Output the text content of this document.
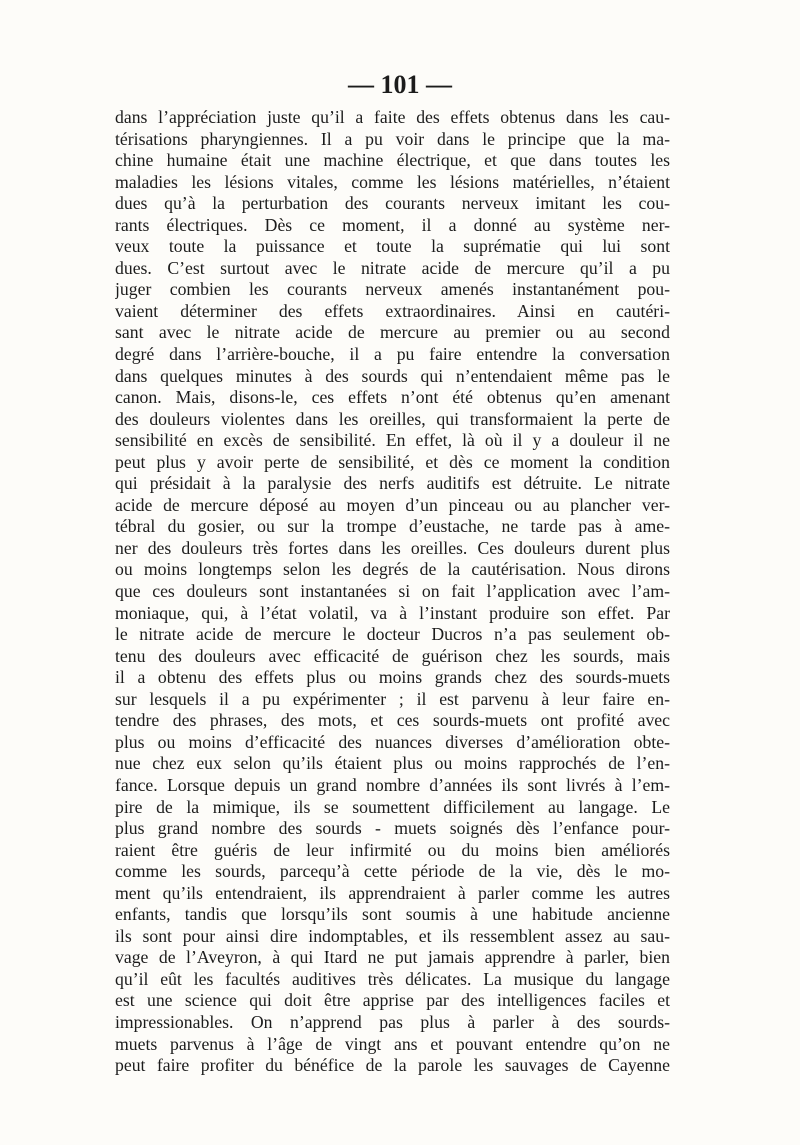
— 101 —
dans l’appréciation juste qu’il a faite des effets obtenus dans les cau-
térisations pharyngiennes. Il a pu voir dans le principe que la ma-
chine humaine était une machine électrique, et que dans toutes les
maladies les lésions vitales, comme les lésions matérielles, n’étaient
dues qu’à la perturbation des courants nerveux imitant les cou-
rants électriques. Dès ce moment, il a donné au système ner-
veux toute la puissance et toute la suprématie qui lui sont
dues. C’est surtout avec le nitrate acide de mercure qu’il a pu
juger combien les courants nerveux amenés instantanément pou-
vaient déterminer des effets extraordinaires. Ainsi en cautéri-
sant avec le nitrate acide de mercure au premier ou au second
degré dans l’arrière-bouche, il a pu faire entendre la conversation
dans quelques minutes à des sourds qui n’entendaient même pas le
canon. Mais, disons-le, ces effets n’ont été obtenus qu’en amenant
des douleurs violentes dans les oreilles, qui transformaient la perte de
sensibilité en excès de sensibilité. En effet, là où il y a douleur il ne
peut plus y avoir perte de sensibilité, et dès ce moment la condition
qui présidait à la paralysie des nerfs auditifs est détruite. Le nitrate
acide de mercure déposé au moyen d’un pinceau ou au plancher ver-
tébral du gosier, ou sur la trompe d’eustache, ne tarde pas à ame-
ner des douleurs très fortes dans les oreilles. Ces douleurs durent plus
ou moins longtemps selon les degrés de la cautérisation. Nous dirons
que ces douleurs sont instantanées si on fait l’application avec l’am-
moniaque, qui, à l’état volatil, va à l’instant produire son effet. Par
le nitrate acide de mercure le docteur Ducros n’a pas seulement ob-
tenu des douleurs avec efficacité de guérison chez les sourds, mais
il a obtenu des effets plus ou moins grands chez des sourds-muets
sur lesquels il a pu expérimenter ; il est parvenu à leur faire en-
tendre des phrases, des mots, et ces sourds-muets ont profité avec
plus ou moins d’efficacité des nuances diverses d’amélioration obte-
nue chez eux selon qu’ils étaient plus ou moins rapprochés de l’en-
fance. Lorsque depuis un grand nombre d’années ils sont livrés à l’em-
pire de la mimique, ils se soumettent difficilement au langage. Le
plus grand nombre des sourds - muets soignés dès l’enfance pour-
raient être guéris de leur infirmité ou du moins bien améliorés
comme les sourds, parcequ’à cette période de la vie, dès le mo-
ment qu’ils entendraient, ils apprendraient à parler comme les autres
enfants, tandis que lorsqu’ils sont soumis à une habitude ancienne
ils sont pour ainsi dire indomptables, et ils ressemblent assez au sau-
vage de l’Aveyron, à qui Itard ne put jamais apprendre à parler, bien
qu’il eût les facultés auditives très délicates. La musique du langage
est une science qui doit être apprise par des intelligences faciles et
impressionables. On n’apprend pas plus à parler à des sourds-
muets parvenus à l’âge de vingt ans et pouvant entendre qu’on ne
peut faire profiter du bénéfice de la parole les sauvages de Cayenne
